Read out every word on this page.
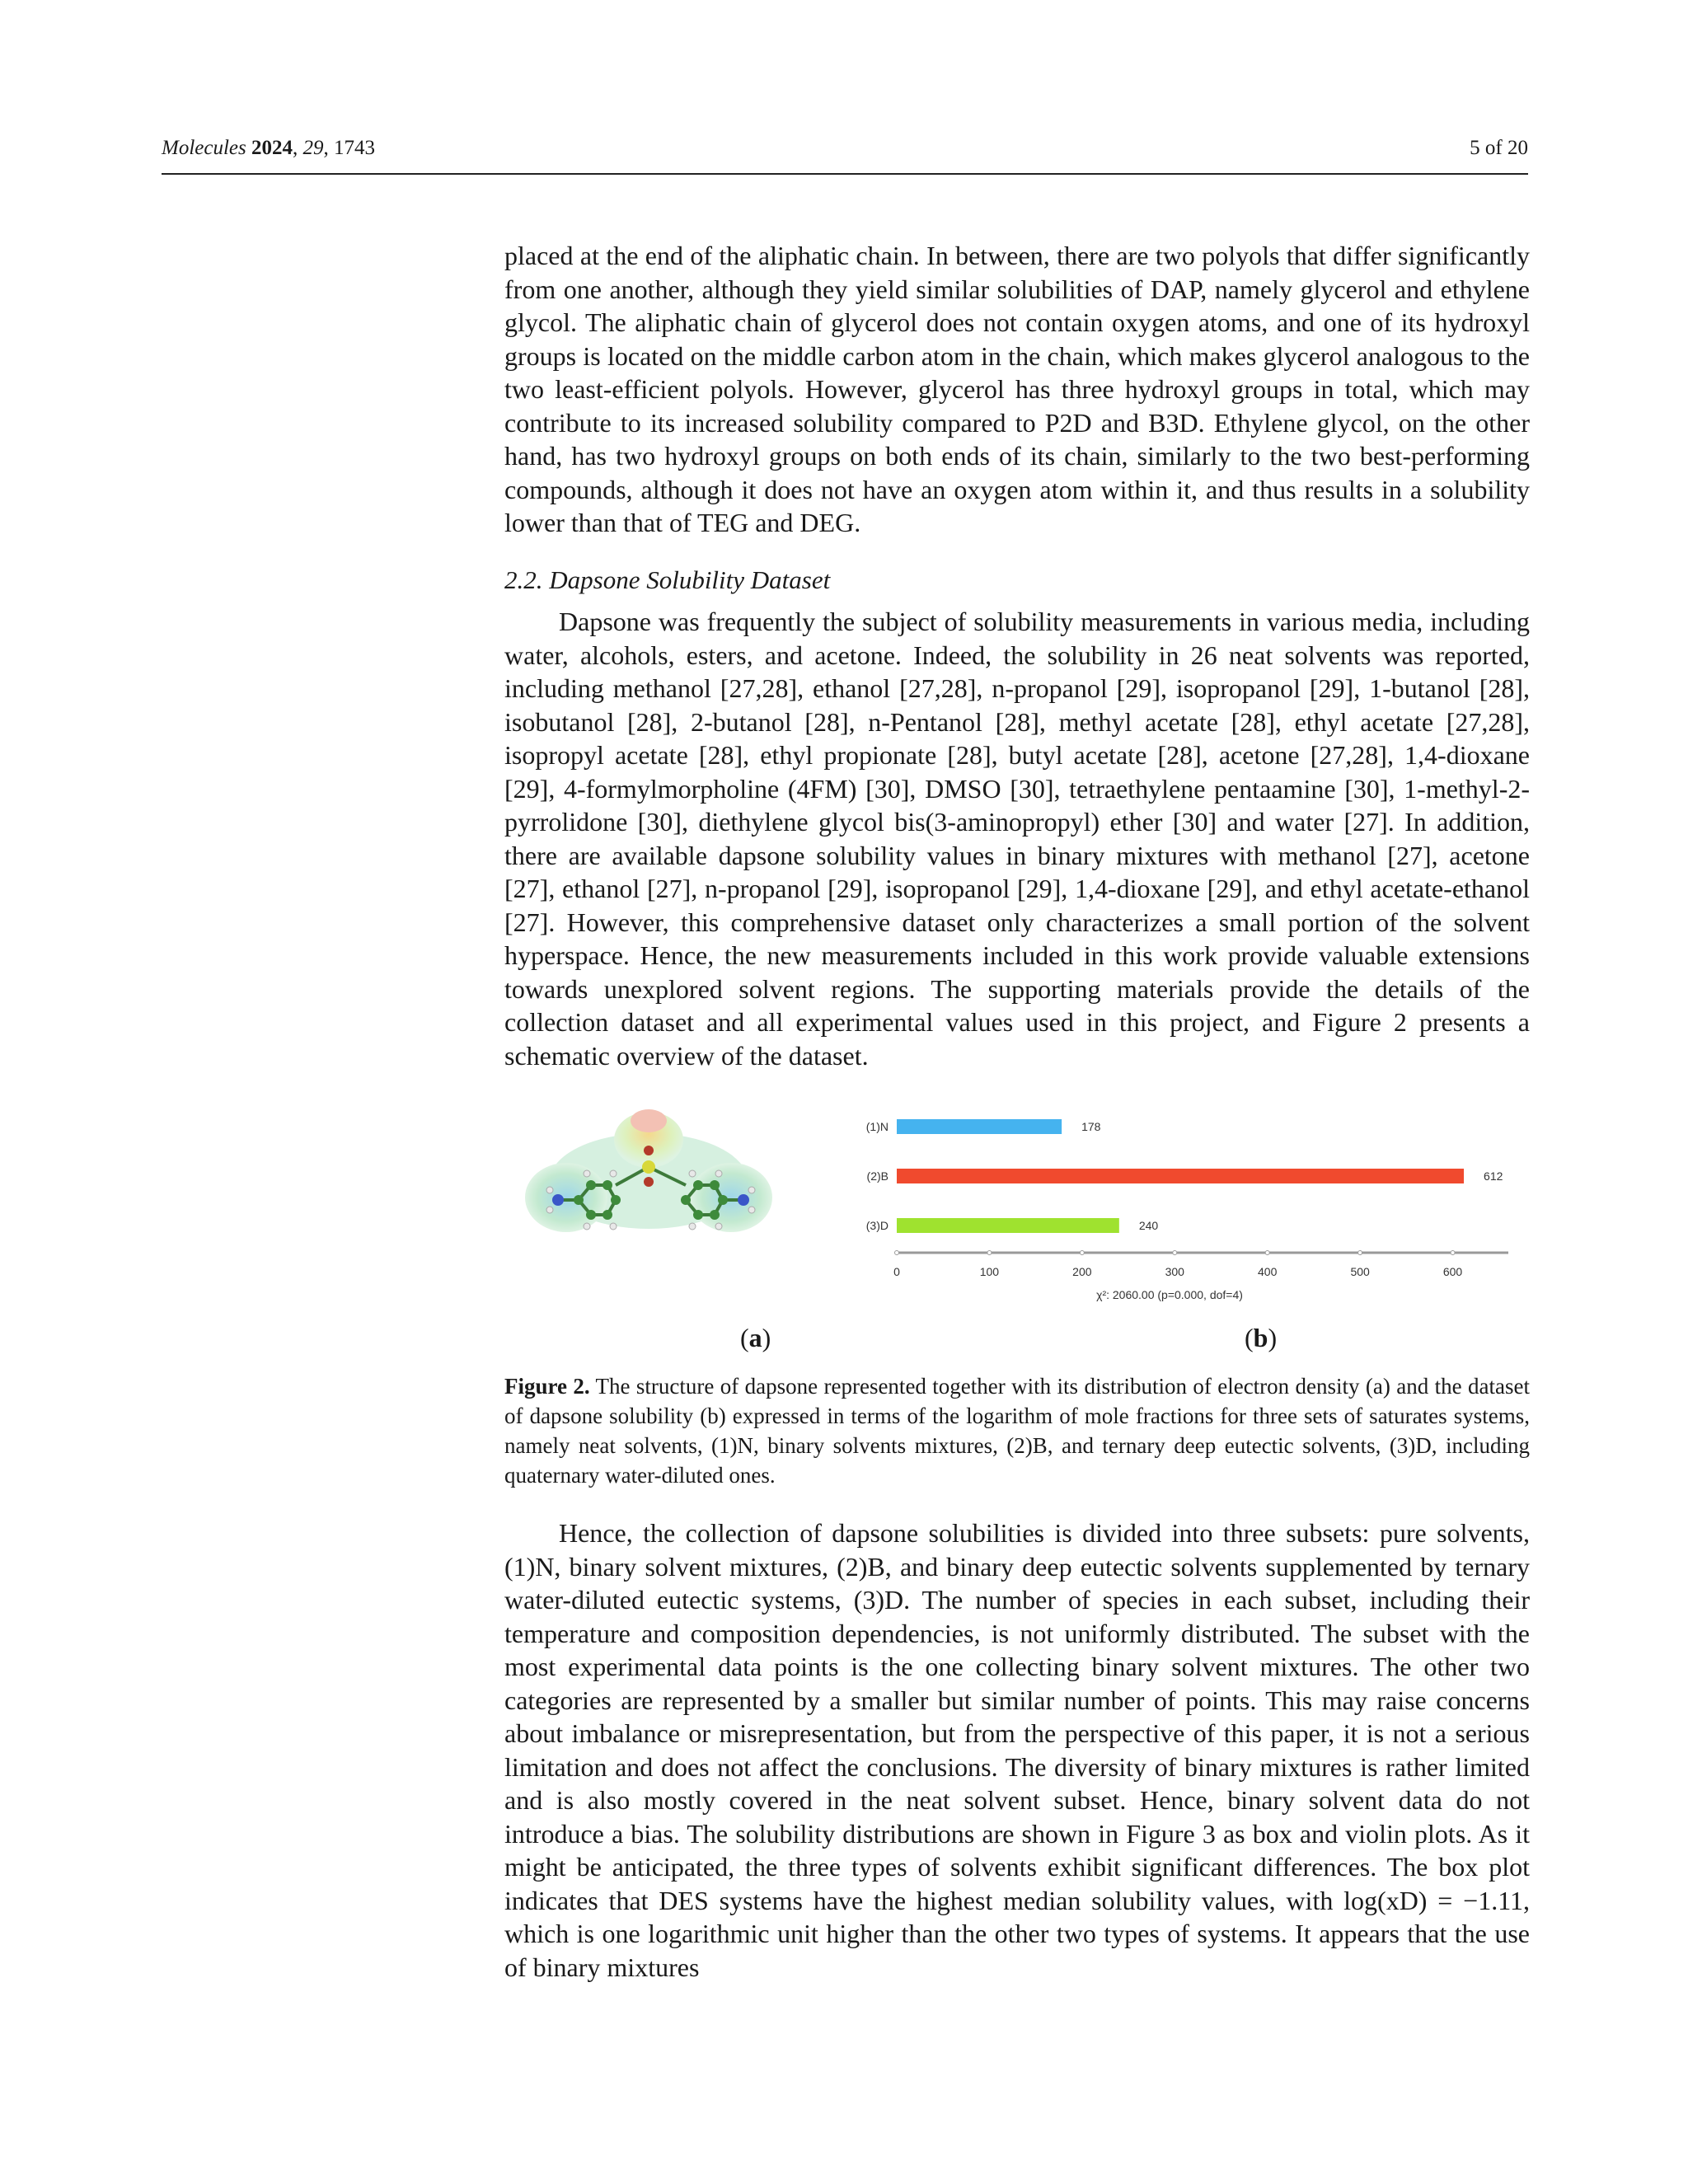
Molecules 2024, 29, 1743	5 of 20

placed at the end of the aliphatic chain. In between, there are two polyols that differ significantly from one another, although they yield similar solubilities of DAP, namely glycerol and ethylene glycol. The aliphatic chain of glycerol does not contain oxygen atoms, and one of its hydroxyl groups is located on the middle carbon atom in the chain, which makes glycerol analogous to the two least-efficient polyols. However, glycerol has three hydroxyl groups in total, which may contribute to its increased solubility compared to P2D and B3D. Ethylene glycol, on the other hand, has two hydroxyl groups on both ends of its chain, similarly to the two best-performing compounds, although it does not have an oxygen atom within it, and thus results in a solubility lower than that of TEG and DEG.

2.2. Dapsone Solubility Dataset

Dapsone was frequently the subject of solubility measurements in various media, including water, alcohols, esters, and acetone. Indeed, the solubility in 26 neat solvents was reported, including methanol [27,28], ethanol [27,28], n-propanol [29], isopropanol [29], 1-butanol [28], isobutanol [28], 2-butanol [28], n-Pentanol [28], methyl acetate [28], ethyl acetate [27,28], isopropyl acetate [28], ethyl propionate [28], butyl acetate [28], acetone [27,28], 1,4-dioxane [29], 4-formylmorpholine (4FM) [30], DMSO [30], tetraethylene pentaamine [30], 1-methyl-2-pyrrolidone [30], diethylene glycol bis(3-aminopropyl) ether [30] and water [27]. In addition, there are available dapsone solubility values in binary mixtures with methanol [27], acetone [27], ethanol [27], n-propanol [29], isopropanol [29], 1,4-dioxane [29], and ethyl acetate-ethanol [27]. However, this comprehensive dataset only characterizes a small portion of the solvent hyperspace. Hence, the new measurements included in this work provide valuable extensions towards unexplored solvent regions. The supporting materials provide the details of the collection dataset and all experimental values used in this project, and Figure 2 presents a schematic overview of the dataset.

(1)N	178
(2)B	612
(3)D	240
0	100	200	300	400	500	600
χ²: 2060.00 (p=0.000, dof=4)
(a)	(b)

Figure 2. The structure of dapsone represented together with its distribution of electron density (a) and the dataset of dapsone solubility (b) expressed in terms of the logarithm of mole fractions for three sets of saturates systems, namely neat solvents, (1)N, binary solvents mixtures, (2)B, and ternary deep eutectic solvents, (3)D, including quaternary water-diluted ones.

Hence, the collection of dapsone solubilities is divided into three subsets: pure solvents, (1)N, binary solvent mixtures, (2)B, and binary deep eutectic solvents supplemented by ternary water-diluted eutectic systems, (3)D. The number of species in each subset, including their temperature and composition dependencies, is not uniformly distributed. The subset with the most experimental data points is the one collecting binary solvent mixtures. The other two categories are represented by a smaller but similar number of points. This may raise concerns about imbalance or misrepresentation, but from the perspective of this paper, it is not a serious limitation and does not affect the conclusions. The diversity of binary mixtures is rather limited and is also mostly covered in the neat solvent subset. Hence, binary solvent data do not introduce a bias. The solubility distributions are shown in Figure 3 as box and violin plots. As it might be anticipated, the three types of solvents exhibit significant differences. The box plot indicates that DES systems have the highest median solubility values, with log(xD) = −1.11, which is one logarithmic unit higher than the other two types of systems. It appears that the use of binary mixtures
